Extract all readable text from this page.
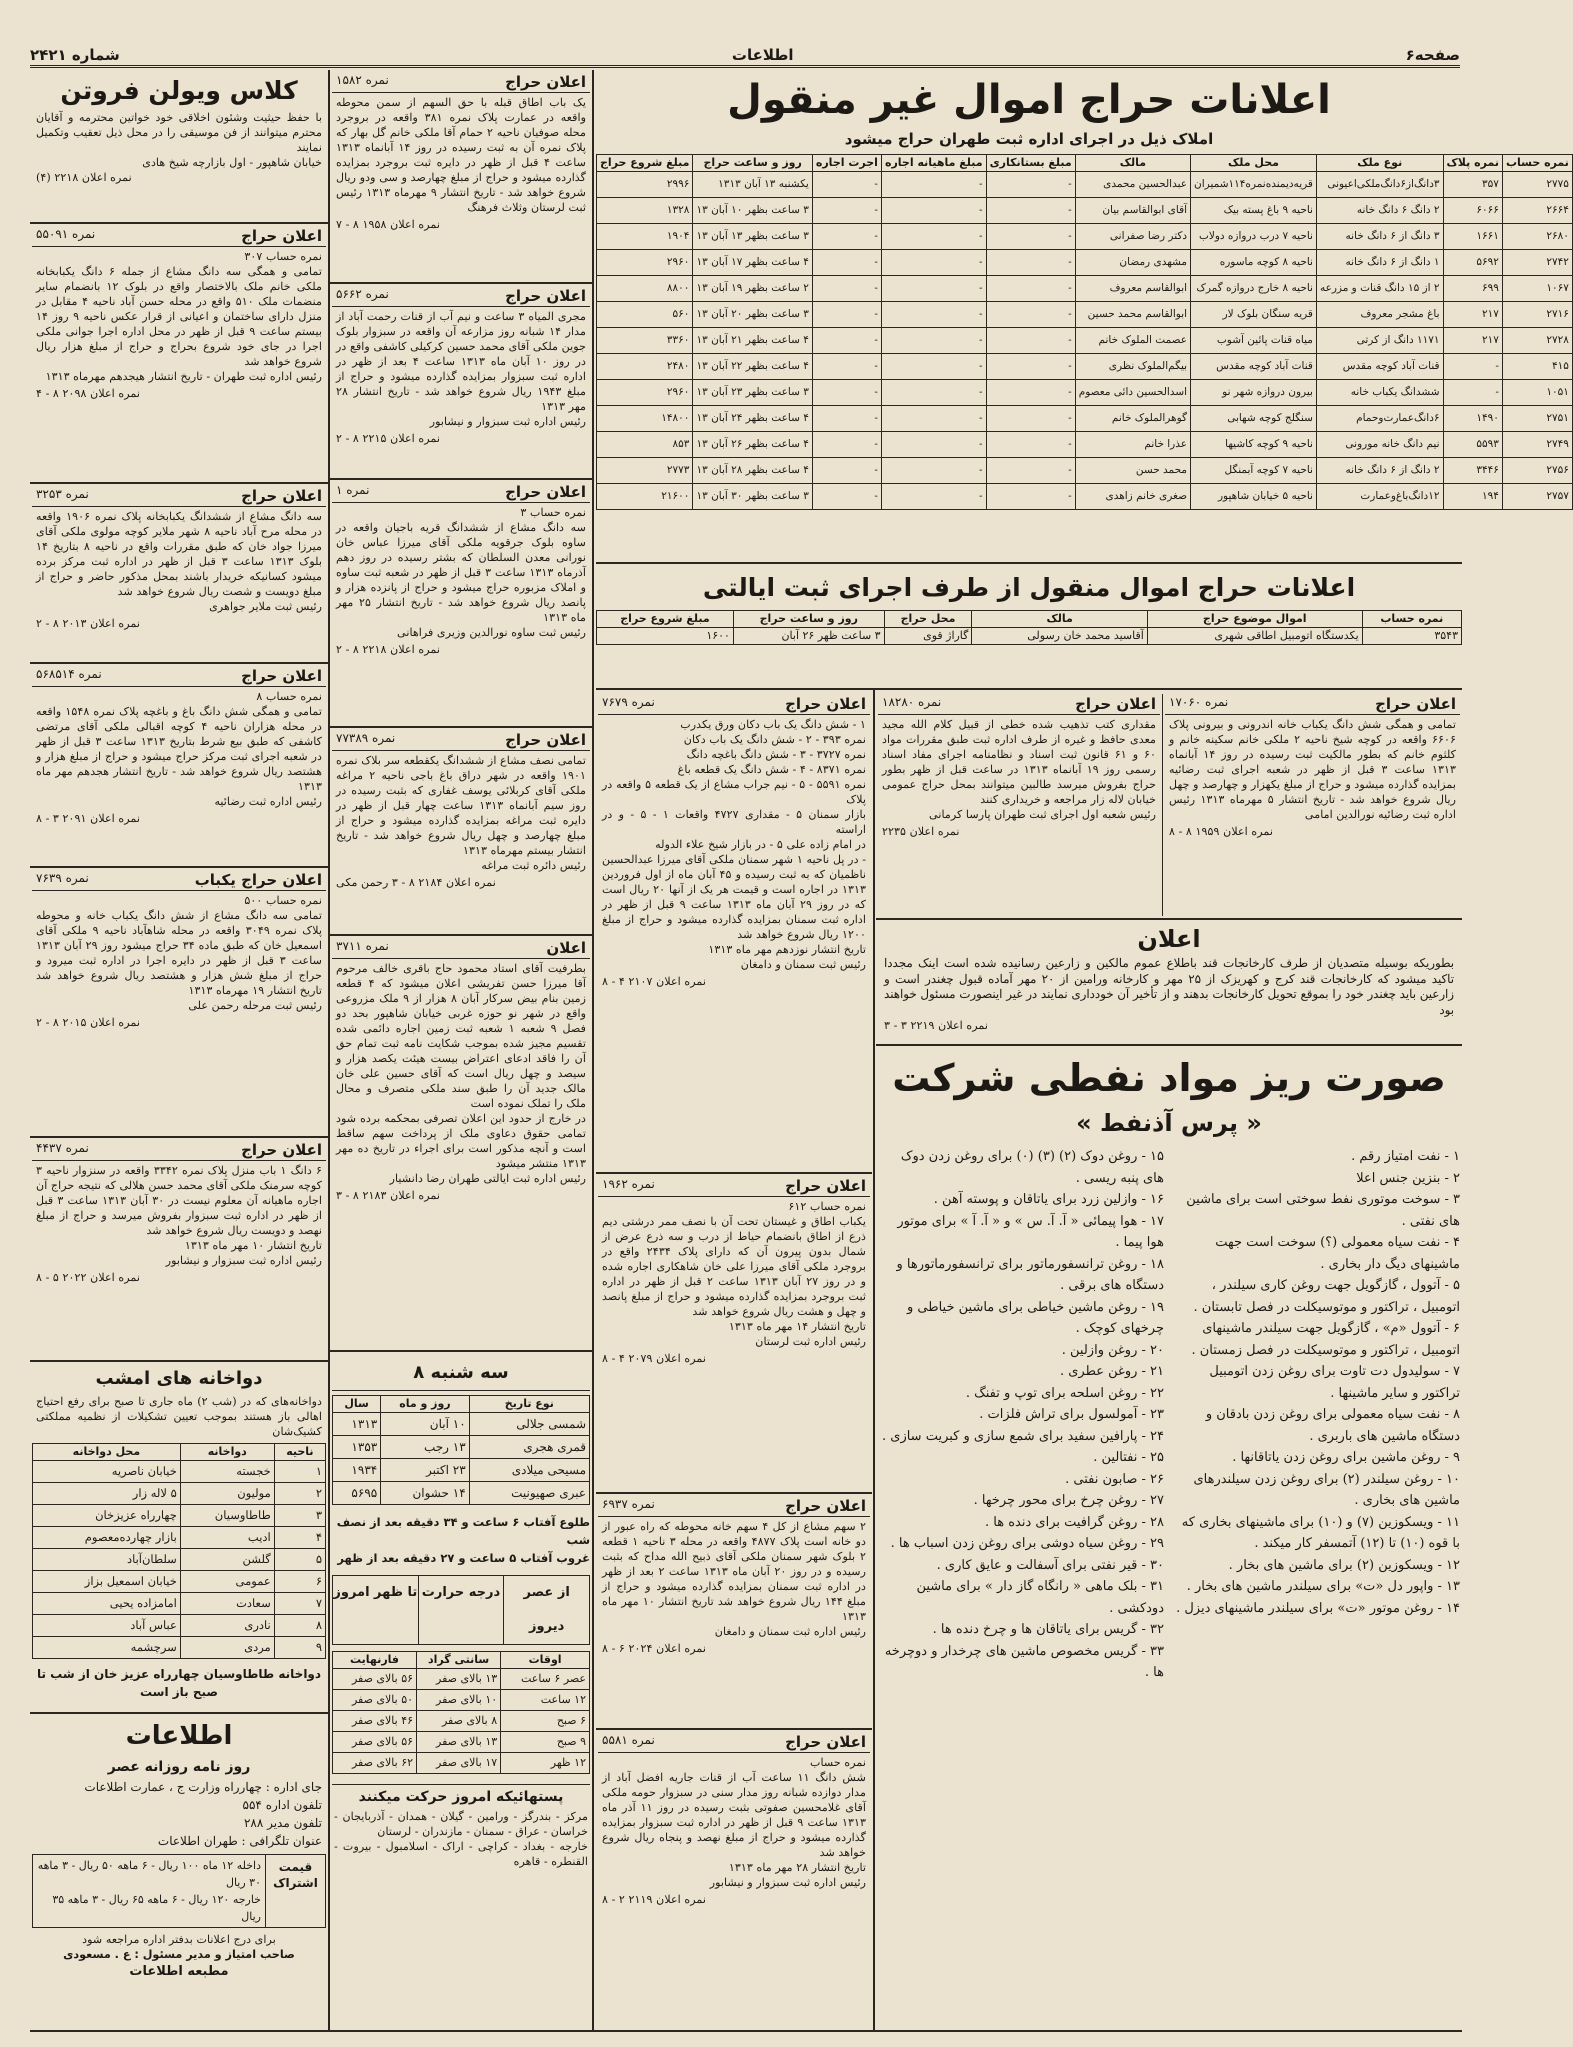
صفحه۶
اطلاعات
شماره ۲۴۲۱
اعلانات حراج اموال غیر منقول
املاک ذیل در اجرای اداره ثبت طهران حراج میشود
نمره حساب	نمره پلاک	نوع ملک	محل ملک	مالک	مبلغ بستانکاری	مبلغ ماهیانه اجاره	اجرت اجاره	روز و ساعت حراج	مبلغ شروع حراج
۲۷۷۵	۳۵۷	۳دانگ‌از۶دانگ‌ملکی‌اعیونی	قریه‌دیمنده‌نمره۱۱۴‌شمیران	عبدالحسین محمدی	-	-	-	یکشنبه ۱۳ آبان ۱۳۱۳	۲۹۹۶
۲۶۶۴	۶۰۶۶	۲ دانگ ۶ دانگ خانه	ناحیه ۹ باغ پسته بیک	آقای ابوالقاسم بیان	-	-	-	۳ ساعت بظهر ۱۰ آبان ۱۳	۱۳۲۸
۲۶۸۰	۱۶۶۱	۳ دانگ از ۶ دانگ خانه	ناحیه ۷ درب دروازه دولاب	دکتر رضا صفرانی	-	-	-	۳ ساعت بظهر ۱۳ آبان ۱۳	۱۹۰۴
۲۷۴۲	۵۶۹۲	۱ دانگ از ۶ دانگ خانه	ناحیه ۸ کوچه ماسوره	مشهدی رمضان	-	-	-	۴ ساعت بظهر ۱۷ آبان ۱۳	۲۹۶۰
۱۰۶۷	۶۹۹	۲ از ۱۵ دانگ قنات و مزرعه	ناحیه ۸ خارج دروازه گمرک	ابوالقاسم معروف	-	-	-	۲ ساعت بظهر ۱۹ آبان ۱۳	۸۸۰۰
۲۷۱۶	۲۱۷	باغ مشجر معروف	قریه سنگان بلوک لار	ابوالقاسم محمد حسین	-	-	-	۳ ساعت بظهر ۲۰ آبان ۱۳	۵۶۰
۲۷۲۸	۲۱۷	۱۱۷۱ دانگ از کرتی	میاه قنات پائین آشوب	عصمت الملوک خانم	-	-	-	۴ ساعت بظهر ۲۱ آبان ۱۳	۳۳۶۰
۴۱۵	-	قنات آباد کوچه مقدس	قنات آباد کوچه مقدس	بیگم‌الملوک نظری	-	-	-	۴ ساعت بظهر ۲۲ آبان ۱۳	۲۴۸۰
۱۰۵۱	-	ششدانگ یکباب خانه	بیرون دروازه شهر نو	اسدالحسین دائی معصوم	-	-	-	۳ ساعت بظهر ۲۳ آبان ۱۳	۲۹۶۰
۲۷۵۱	۱۴۹۰	۶دانگ‌عمارت‌وحمام	سنگلج کوچه شهابی	گوهرالملوک خانم	-	-	-	۴ ساعت بظهر ۲۴ آبان ۱۳	۱۴۸۰۰
۲۷۴۹	۵۵۹۳	نیم دانگ خانه مورونی	ناحیه ۹ کوچه کاشیها	عذرا خانم	-	-	-	۴ ساعت بظهر ۲۶ آبان ۱۳	۸۵۳
۲۷۵۶	۳۴۴۶	۲ دانگ از ۶ دانگ خانه	ناحیه ۷ کوچه آبمنگل	محمد حسن	-	-	-	۴ ساعت بظهر ۲۸ آبان ۱۳	۲۷۷۳
۲۷۵۷	۱۹۴	۱۲دانگ‌باغ‌و‌عمارت	ناحیه ۵ خیابان شاهپور	صغری خانم زاهدی	-	-	-	۳ ساعت بظهر ۳۰ آبان ۱۳	۲۱۶۰۰
اعلانات حراج اموال منقول از طرف اجرای ثبت ایالتی
نمره حساب	اموال موضوع حراج	مالک	محل حراج	روز و ساعت حراج	مبلغ شروع حراج
۳۵۴۳	یکدستگاه اتومبیل اطاقی شهری	آقاسید محمد خان رسولی	گاراژ قوی	۳ ساعت ظهر ۲۶ آبان	۱۶۰۰
اعلان حراج
نمره ۱۷۰۶۰
تمامی و همگی شش دانگ یکباب خانه اندرونی و بیرونی پلاک ۶۶۰۶ واقعه در کوچه شیخ ناحیه ۲ ملکی خانم سکینه خانم و کلثوم خانم که بطور مالکیت ثبت رسیده در روز ۱۴ آبانماه ۱۳۱۳ ساعت ۳ قبل از ظهر در شعبه اجرای ثبت رضائیه بمزایده گذارده میشود و حراج از مبلغ یکهزار و چهارصد و چهل ریال شروع خواهد شد - تاریخ انتشار ۵ مهرماه ۱۳۱۳ رئیس اداره ثبت رضائیه نورالدین امامی
نمره اعلان ۱۹۵۹ ۸ - ۸
اعلان حراج
نمره ۱۸۲۸۰
مقداری کتب تذهیب شده خطی از قبیل کلام الله مجید معدی حافظ و غیره از طرف اداره ثبت طبق مقررات مواد ۶۰ و ۶۱ قانون ثبت اسناد و نظامنامه اجرای مفاد اسناد رسمی روز ۱۹ آبانماه ۱۳۱۳ در ساعت قبل از ظهر بطور حراج بفروش میرسد طالبین میتوانند بمحل حراج عمومی خیابان لاله زار مراجعه و خریداری کنند
رئیس شعبه اول اجرای ثبت طهران پارسا کرمانی
نمره اعلان ۲۲۳۵
اعلان
بطوریکه بوسیله متصدیان از طرف کارخانجات قند باطلاع عموم مالکین و زارعین رسانیده شده است اینک مجددا تاکید میشود که کارخانجات قند کرج و کهریزک از ۲۵ مهر و کارخانه ورامین از ۲۰ مهر آماده قبول چغندر است و زارعین باید چغندر خود را بموقع تحویل کارخانجات بدهند و از تأخیر آن خودداری نمایند در غیر اینصورت مسئول خواهند بود
نمره اعلان ۲۲۱۹ ۳ - ۳
صورت ریز مواد نفطی شرکت
« پرس آذنفط »
۱ - نفت امتیاز رقم .
۲ - بنزین جنس اعلا
۳ - سوخت موتوری نفط سوختی است برای ماشین های نفتی .
۴ - نفت سیاه معمولی (؟) سوخت است جهت ماشینهای دیگ دار بخاری .
۵ - آتوول ، گازگویل جهت روغن کاری سیلندر ، اتومبیل ، تراکتور و موتوسیکلت در فصل تابستان .
۶ - آتوول «م» ، گازگویل جهت سیلندر ماشینهای اتومبیل ، تراکتور و موتوسیکلت در فصل زمستان .
۷ - سولیدول دت تاوت برای روغن زدن اتومبیل تراکتور و سایر ماشینها .
۸ - نفت سیاه معمولی برای روغن زدن بادقان و دستگاه ماشین های باربری .
۹ - روغن ماشین برای روغن زدن یاتاقانها .
۱۰ - روغن سیلندر (۲) برای روغن زدن سیلندرهای ماشین های بخاری .
۱۱ - ویسکوزین (۷) و (۱۰) برای ماشینهای بخاری که با قوه (۱۰) تا (۱۲) آتمسفر کار میکند .
۱۲ - ویسکوزین (۲) برای ماشین های بخار .
۱۳ - واپور دل «ت» برای سیلندر ماشین های بخار .
۱۴ - روغن موتور «ت» برای سیلندر ماشینهای دیزل .
۱۵ - روغن دوک (۲) (۳) (۰) برای روغن زدن دوک های پنبه ریسی .
۱۶ - وازلین زرد برای یاتاقان و پوسته آهن .
۱۷ - هوا پیمائی « آ. آ. س » و « آ. آ » برای موتور هوا پیما .
۱۸ - روغن ترانسفورماتور برای ترانسفورماتورها و دستگاه های برقی .
۱۹ - روغن ماشین خیاطی برای ماشین خیاطی و چرخهای کوچک .
۲۰ - روغن وازلین .
۲۱ - روغن عطری .
۲۲ - روغن اسلحه برای توپ و تفنگ .
۲۳ - آمولسول برای تراش فلزات .
۲۴ - پارافین سفید برای شمع سازی و کبریت سازی .
۲۵ - نفتالین .
۲۶ - صابون نفتی .
۲۷ - روغن چرخ برای محور چرخها .
۲۸ - روغن گرافیت برای دنده ها .
۲۹ - روغن سیاه دوشی برای روغن زدن اسباب ها .
۳۰ - قیر نفتی برای آسفالت و عایق کاری .
۳۱ - بلک ماهی « رانگاه گاز دار » برای ماشین دودکشی .
۳۲ - گریس برای یاتاقان ها و چرخ دنده ها .
۳۳ - گریس مخصوص ماشین های چرخدار و دوچرخه ها .
اعلان حراج
نمره ۷۶۷۹
۱ - شش دانگ یک باب دکان ورق یکدرب
نمره ۳۹۳ - ۲ - شش دانگ یک باب دکان
نمره ۳۷۲۷ - ۳ - شش دانگ باغچه دانگ
نمره ۸۳۷۱ - ۴ - شش دانگ یک قطعه باغ
نمره ۵۵۹۱ - ۵ - نیم جراب مشاع از یک قطعه ۵ واقعه در پلاک
بازار سمنان ۵ - مقداری ۴۷۲۷ واقعات ۱ - ۵ - و در اراسته
در امام زاده علی ۵ - در بازار شیخ علاء الدوله
- در پل ناحیه ۱ شهر سمنان ملکی آقای میرزا عبدالحسین ناظمیان که به ثبت رسیده و ۴۵ آبان ماه از اول فروردین ۱۳۱۳ در اجاره است و قیمت هر یک از آنها ۲۰ ریال است که در روز ۲۹ آبان ماه ۱۳۱۳ ساعت ۹ قبل از ظهر در اداره ثبت سمنان بمزایده گذارده میشود و حراج از مبلغ ۱۲۰۰ ریال شروع خواهد شد
تاریخ انتشار نوزدهم مهر ماه ۱۳۱۳
رئیس ثبت سمنان و دامغان
نمره اعلان ۲۱۰۷ ۴ - ۸
اعلان حراج
نمره ۱۹۶۲
نمره حساب ۶۱۲
یکباب اطاق و غیستان تحت آن با نصف ممر درشتی دیم ذرع از اطاق بانضمام حیاط از درب و سه ذرع عرض از شمال بدون پیرون آن که دارای پلاک ۲۴۳۴ واقع در بروجرد ملکی آقای میرزا علی خان شاهکاری اجاره شده و در روز ۲۷ آبان ۱۳۱۳ ساعت ۲ قبل از ظهر در اداره ثبت بروجرد بمزایده گذارده میشود و حراج از مبلغ پانصد و چهل و هشت ریال شروع خواهد شد
تاریخ انتشار ۱۴ مهر ماه ۱۳۱۳
رئیس اداره ثبت لرستان
نمره اعلان ۲۰۷۹ ۴ - ۸
اعلان حراج
نمره ۶۹۳۷
۲ سهم مشاع از کل ۴ سهم خانه محوطه که راه عبور از دو خانه است پلاک ۴۸۷۷ واقعه در محله ۳ ناحیه ۱ قطعه ۲ بلوک شهر سمنان ملکی آقای ذبیح الله مداح که بثبت رسیده و در روز ۲۰ آبان ماه ۱۳۱۳ ساعت ۲ بعد از ظهر در اداره ثبت سمنان بمزایده گذارده میشود و حراج از مبلغ ۱۴۴ ریال شروع خواهد شد تاریخ انتشار ۱۰ مهر ماه ۱۳۱۳
رئیس اداره ثبت سمنان و دامغان
نمره اعلان ۲۰۲۴ ۶ - ۸
اعلان حراج
نمره ۵۵۸۱
نمره حساب
شش دانگ ۱۱ ساعت آب از قنات جاریه افضل آباد از مدار دوازده شبانه روز مدار سنی در سبزوار حومه ملکی آقای غلامحسین صفوتی بثبت رسیده در روز ۱۱ آذر ماه ۱۳۱۳ ساعت ۹ قبل از ظهر در اداره ثبت سبزوار بمزایده گذارده میشود و حراج از مبلغ نهصد و پنجاه ریال شروع خواهد شد
تاریخ انتشار ۲۸ مهر ماه ۱۳۱۳
رئیس اداره ثبت سبزوار و نیشابور
نمره اعلان ۲۱۱۹ ۲ - ۸
اعلان حراج
نمره ۱۵۸۲
یک باب اطاق قبله با حق السهم از سمن محوطه واقعه در عمارت پلاک نمره ۳۸۱ واقعه در بروجرد محله صوفیان ناحیه ۲ حمام آقا ملکی خانم گل بهار که پلاک نمره آن به ثبت رسیده در روز ۱۴ آبانماه ۱۳۱۳ ساعت ۴ قبل از ظهر در دایره ثبت بروجرد بمزایده گذارده میشود و حراج از مبلغ چهارصد و سی ودو ریال شروع خواهد شد - تاریخ انتشار ۹ مهرماه ۱۳۱۳ رئیس ثبت لرستان وثلاث فرهنگ
نمره اعلان ۱۹۵۸ ۸ - ۷
اعلان حراج
نمره ۵۶۶۲
مجری المیاه ۳ ساعت و نیم آب از قنات رحمت آباد از مدار ۱۴ شبانه روز مزارعه آن واقعه در سبزوار بلوک جوین ملکی آقای محمد حسین کرکیلی کاشفی واقع در در روز ۱۰ آبان ماه ۱۳۱۳ ساعت ۴ بعد از ظهر در اداره ثبت سبزوار بمزایده گذارده میشود و حراج از مبلغ ۱۹۴۳ ریال شروع خواهد شد - تاریخ انتشار ۲۸ مهر ۱۳۱۳
رئیس اداره ثبت سبزوار و نیشابور
نمره اعلان ۲۲۱۵ ۸ - ۲
اعلان حراج
نمره ۱
نمره حساب ۳
سه دانگ مشاع از ششدانگ قریه باجیان واقعه در ساوه بلوک جرقویه ملکی آقای میرزا عباس خان نورانی معدن السلطان که بشتر رسیده در روز دهم آذرماه ۱۳۱۳ ساعت ۳ قبل از ظهر در شعبه ثبت ساوه و املاک مزبوره حراج میشود و حراج از پانزده هزار و پانصد ریال شروع خواهد شد - تاریخ انتشار ۲۵ مهر ماه ۱۳۱۳
رئیس ثبت ساوه نورالدین وزیری فراهانی
نمره اعلان ۲۲۱۸ ۸ - ۲
اعلان حراج
نمره ۷۷۳۸۹
تمامی نصف مشاع از ششدانگ یکقطعه سر بلاک نمره ۱۹۰۱ واقعه در شهر دراق باغ باجی ناحیه ۲ مراغه ملکی آقای کربلائی یوسف غفاری که بثبت رسیده در روز سیم آبانماه ۱۳۱۳ ساعت چهار قبل از ظهر در دایره ثبت مراغه بمزایده گذارده میشود و حراج از مبلغ چهارصد و چهل ریال شروع خواهد شد - تاریخ انتشار بیستم مهرماه ۱۳۱۳
رئیس دائره ثبت مراغه
نمره اعلان ۲۱۸۴ ۸ - ۳ رحمن مکی
اعلان
نمره ۳۷۱۱
بطرفیت آقای استاد محمود حاج باقری خالف مرحوم آقا میرزا حسن تفریشی اعلان میشود که ۴ قطعه زمین بنام بیض سرکار آبان ۸ هزار از ۹ ملک مزروعی واقع در شهر نو حوزه غربی خیابان شاهپور بحد دو فصل ۹ شعبه ۱ شعبه ثبت زمین اجاره دائمی شده تقسیم مجیز شده بموجب شکایت نامه ثبت تمام حق آن را فاقد ادعای اعتراض بیست هیئت یکصد هزار و سیصد و چهل ریال است که آقای حسین علی خان مالک جدید آن را طبق سند ملکی متصرف و محال ملک را تملک نموده است
در خارج از حدود این اعلان تصرفی بمحکمه برده شود تمامی حقوق دعاوی ملک از پرداخت سهم ساقط است و آنچه مذکور است برای اجراء در تاریخ ده مهر ۱۳۱۳ منتشر میشود
رئیس اداره ثبت ایالتی طهران رضا دانشیار
نمره اعلان ۲۱۸۳ ۸ - ۳
سه شنبه ۸
نوع تاریخ	روز و ماه	سال
شمسی جلالی	۱۰ آبان	۱۳۱۳
قمری هجری	۱۳ رجب	۱۳۵۳
مسیحی میلادی	۲۳ اکتبر	۱۹۳۴
عبری صهیونیت	۱۴ حشوان	۵۶۹۵
طلوع آفتاب ۶ ساعت و ۳۴ دقیقه بعد از نصف شب
غروب آفتاب ۵ ساعت و ۲۷ دقیقه بعد از ظهر
از عصر دیروز
درجه حرارت
تا ظهر امروز
اوقات	سانتی گراد	فارنهایت
عصر ۶ ساعت	۱۳ بالای صفر	۵۶ بالای صفر
۱۲ ساعت	۱۰ بالای صفر	۵۰ بالای صفر
۶ صبح	۸ بالای صفر	۴۶ بالای صفر
۹ صبح	۱۳ بالای صفر	۵۶ بالای صفر
۱۲ ظهر	۱۷ بالای صفر	۶۲ بالای صفر
پستهائیکه امروز حرکت میکنند
مرکز - بندرگز - ورامین - گیلان - همدان - آذربایجان - خراسان - عراق - سمنان - مازندران - لرستان
خارجه - بغداد - کراچی - اراک - اسلامبول - بیروت - القنطره - قاهره
کلاس ویولن فروتن
با حفظ حیثیت وشئون اخلاقی خود خواتین محترمه و آقایان محترم میتوانند از فن‌ موسیقی را در محل ذیل تعقیب وتکمیل نمایند
خیابان شاهپور - اول بازارچه شیخ هادی
نمره اعلان ۲۲۱۸ (۴)
اعلان حراج
نمره ۵۵۰۹۱
نمره حساب ۳۰۷
تمامی و همگی سه دانگ مشاع از جمله ۶ دانگ یکبابخانه ملکی خانم ملک بالاختصار واقع در بلوک ۱۲ بانضمام سایر منضمات ملک ۵۱۰ واقع در محله حسن آباد ناحیه ۴ مقابل در منزل دارای ساختمان و اعیانی از قرار عکس ناحیه ۹ روز ۱۴ بیستم ساعت ۹ قبل از ظهر در محل اداره اجرا جوانی ملکی اجرا در جای خود شروع بحراج و حراج از مبلغ هزار ریال شروع خواهد شد
رئیس اداره ثبت طهران - تاریخ انتشار هیجدهم مهرماه ۱۳۱۳
نمره اعلان ۲۰۹۸ ۸ - ۴
اعلان حراج
نمره ۳۲۵۳
سه دانگ مشاع از ششدانگ یکبابخانه پلاک نمره ۱۹۰۶ واقعه در محله مرح آباد ناحیه ۸ شهر ملایر کوچه مولوی ملکی آقای میرزا جواد خان که طبق مقررات واقع در ناحیه ۸ بتاریخ ۱۴ بلوک ۱۳۱۳ ساعت ۳ قبل از ظهر در اداره ثبت مرکز برده میشود کسانیکه خریدار باشند بمحل مذکور حاضر و حراج از مبلغ دویست و شصت ریال شروع خواهد شد
رئیس ثبت ملایر جواهری
نمره اعلان ۲۰۱۳ ۸ - ۲
اعلان حراج
نمره ۵۶۸۵۱۴
نمره حساب ۸
تمامی و همگی شش دانگ باغ و باغچه پلاک نمره ۱۵۴۸ واقعه در محله هزاران ناحیه ۴ کوچه اقبالی ملکی آقای مرتضی کاشفی که طبق بیع شرط بتاریخ ۱۳۱۳ ساعت ۳ قبل از ظهر در شعبه اجرای ثبت مرکز حراج میشود و حراج از مبلغ هزار و هشتصد ریال شروع خواهد شد - تاریخ انتشار هجدهم مهر ماه ۱۳۱۳
رئیس اداره ثبت رضائیه
نمره اعلان ۲۰۹۱ ۳ - ۸
اعلان حراج یکباب
نمره ۷۶۳۹
نمره حساب ۵۰۰
تمامی سه دانگ مشاع از شش دانگ یکباب خانه و محوطه پلاک نمره ۳۰۴۹ واقعه در محله شاهآباد ناحیه ۹ ملکی آقای اسمعیل خان که طبق ماده ۳۴ حراج میشود روز ۲۹ آبان ۱۳۱۳ ساعت ۳ قبل از ظهر در دایره اجرا در اداره ثبت میرود و حراج از مبلغ شش هزار و هشتصد ریال شروع خواهد شد تاریخ انتشار ۱۹ مهرماه ۱۳۱۳
رئیس ثبت مرحله رحمن علی
نمره اعلان ۲۰۱۵ ۸ - ۲
اعلان حراج
نمره ۴۴۳۷
۶ دانگ ۱ باب منزل پلاک نمره ۳۳۴۲ واقعه در سنزوار ناحیه ۳ کوچه سرمنک ملکی آقای محمد حسن هلالی که نتیجه حراج آن اجاره ماهیانه آن معلوم نیست در ۳۰ آبان ۱۳۱۳ ساعت ۳ قبل از ظهر در اداره ثبت سبزوار بفروش میرسد و حراج از مبلغ نهصد و دویست ریال شروع خواهد شد
تاریخ انتشار ۱۰ مهر ماه ۱۳۱۳
رئیس اداره ثبت سبزوار و نیشابور
نمره اعلان ۲۰۲۲ ۵ - ۸
دواخانه های امشب
دواخانه‌های که در (شب ۲) ماه جاری تا صبح برای رفع احتیاج اهالی باز هستند بموجب تعیین تشکیلات از نظمیه مملکتی کشیک‌شان
ناحیه	دواخانه	محل دواخانه
۱	خجسته	خیابان ناصریه
۲	مولیون	۵ لاله زار
۳	طاطاوسیان	چهارراه عزیزخان
۴	ادیب	بازار چهارده‌معصوم
۵	گلشن	سلطان‌آباد
۶	عمومی	خیابان اسمعیل بزاز
۷	سعادت	امامزاده یحیی
۸	نادری	عباس آباد
۹	مردی	سرچشمه
دواخانه طاطاوسیان چهارراه عزیز خان از شب تا صبح باز است
اطلاعات
روز نامه روزانه عصر
جای اداره : چهارراه وزارت ج ، عمارت اطلاعات
تلفون اداره ۵۵۴
تلفون مدیر ۲۸۸
عنوان تلگرافی : طهران اطلاعات
قیمت اشتراک
داخله ۱۲ ماه ۱۰۰ ریال - ۶ ماهه ۵۰ ریال - ۳ ماهه ۳۰ ریال
خارجه ۱۲۰ ریال - ۶ ماهه ۶۵ ریال - ۳ ماهه ۳۵ ریال
برای درج اعلانات بدفتر اداره مراجعه شود
صاحب امتیاز و مدیر مسئول : ع . مسعودی
مطبعه اطلاعات
